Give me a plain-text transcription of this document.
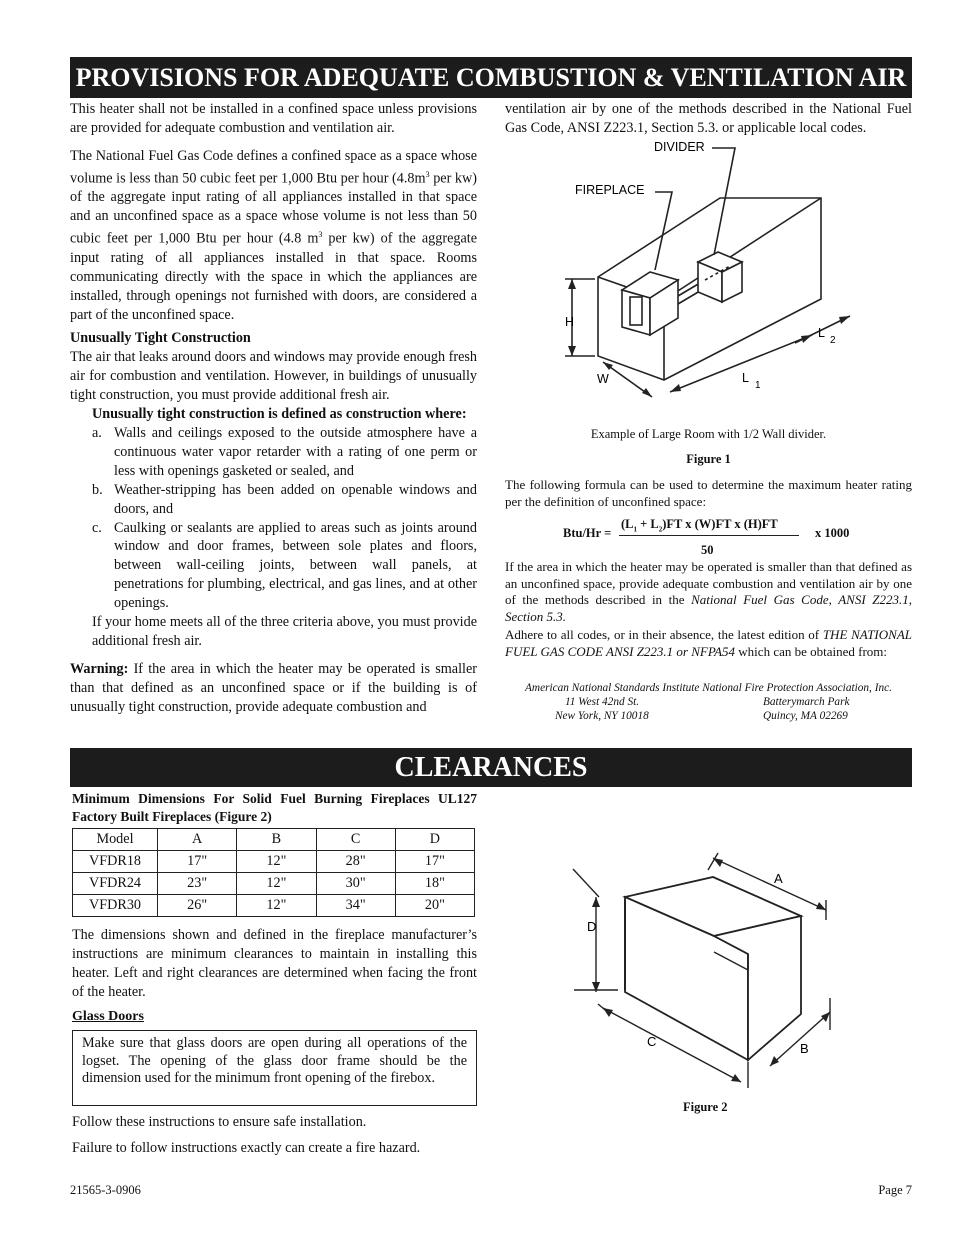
PROVISIONS FOR ADEQUATE COMBUSTION & VENTILATION AIR

This heater shall not be installed in a confined space unless provisions are provided for adequate combustion and ventilation air.

The National Fuel Gas Code defines a confined space as a space whose volume is less than 50 cubic feet per 1,000 Btu per hour ($4.8m^3$ per kw) of the aggregate input rating of all appliances installed in that space and an unconfined space as a space whose volume is not less than 50 cubic feet per 1,000 Btu per hour (4.8 $m^3$ per kw) of the aggregate input rating of all appliances installed in that space. Rooms communicating directly with the space in which the appliances are installed, through openings not furnished with doors, are considered a part of the unconfined space.

Unusually Tight Construction

The air that leaks around doors and windows may provide enough fresh air for combustion and ventilation. However, in buildings of unusually tight construction, you must provide additional fresh air.

Unusually tight construction is defined as construction where:

a. Walls and ceilings exposed to the outside atmosphere have a continuous water vapor retarder with a rating of one perm or less with openings gasketed or sealed, and
b. Weather-stripping has been added on openable windows and doors, and
c. Caulking or sealants are applied to areas such as joints around window and door frames, between sole plates and floors, between wall-ceiling joints, between wall panels, at penetrations for plumbing, electrical, and gas lines, and at other openings.

If your home meets all of the three criteria above, you must provide additional fresh air.

Warning: If the area in which the heater may be operated is smaller than that defined as an unconfined space or if the building is of unusually tight construction, provide adequate combustion and

ventilation air by one of the methods described in the National Fuel Gas Code, ANSI Z223.1, Section 5.3. or applicable local codes.
DIVIDER
FIREPLACE
H
W	L
1
L
2
Example of Large Room with 1/2 Wall divider.
Figure 1
The following formula can be used to determine the maximum heater rating per the definition of unconfined space:
Btu/Hr =
$(L_1 + L_2)FT$ x (W)FT x (H)FT
50
x 1000
If the area in which the heater may be operated is smaller than that defined as an unconfined space, provide adequate combustion and ventilation air by one of the methods described in the National Fuel Gas Code, ANSI Z223.1, Section 5.3.
Adhere to all codes, or in their absence, the latest edition of THE NATIONAL FUEL GAS CODE ANSI Z223.1 or NFPA54 which can be obtained from:
American National Standards Institute National Fire Protection Association, Inc.
11 West 42nd St.
New York, NY 10018
Batterymarch Park
Quincy, MA 02269
CLEARANCES
Minimum Dimensions For Solid Fuel Burning Fireplaces UL127 Factory Built Fireplaces (Figure 2)
Model	A	B	C	D
VFDR18	17"	12"	28"	17"
VFDR24	23"	12"	30"	18"
VFDR30	26"	12"	34"	20"
The dimensions shown and defined in the fireplace manufacturer’s instructions are minimum clearances to maintain in installing this heater. Left and right clearances are determined when facing the front of the heater.
Glass Doors
Make sure that glass doors are open during all operations of the logset. The opening of the glass door frame should be the dimension used for the minimum front opening of the firebox.
Follow these instructions to ensure safe installation.
Failure to follow instructions exactly can create a fire hazard.
A
D
C	B
Figure 2
21565-3-0906	Page 7
